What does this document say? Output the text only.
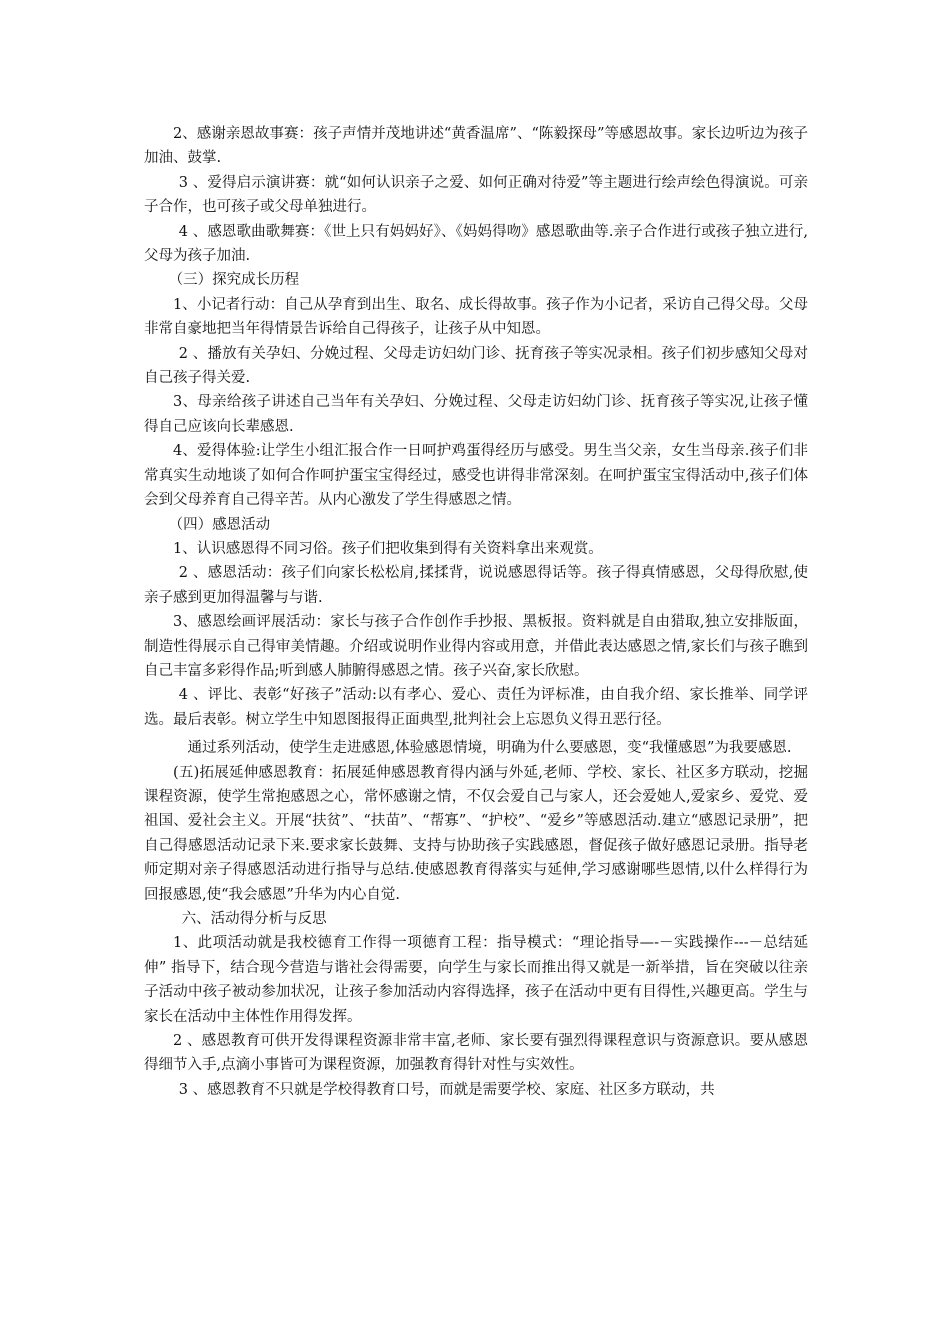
2、感谢亲恩故事赛：孩子声情并茂地讲述“黄香温席”、“陈毅探母”等感恩故事。家长边听边为孩子加油、鼓掌.

3 、爱得启示演讲赛：就“如何认识亲子之爱、如何正确对待爱”等主题进行绘声绘色得演说。可亲子合作，也可孩子或父母单独进行。

4 、感恩歌曲歌舞赛：《世上只有妈妈好》、《妈妈得吻》感恩歌曲等.亲子合作进行或孩子独立进行,父母为孩子加油.

（三）探究成长历程

1、小记者行动：自己从孕育到出生、取名、成长得故事。孩子作为小记者，采访自己得父母。父母非常自豪地把当年得情景告诉给自己得孩子，让孩子从中知恩。

2 、播放有关孕妇、分娩过程、父母走访妇幼门诊、抚育孩子等实况录相。孩子们初步感知父母对自己孩子得关爱.

3、母亲给孩子讲述自己当年有关孕妇、分娩过程、父母走访妇幼门诊、抚育孩子等实况,让孩子懂得自己应该向长辈感恩.

4、爱得体验:让学生小组汇报合作一日呵护鸡蛋得经历与感受。男生当父亲，女生当母亲.孩子们非常真实生动地谈了如何合作呵护蛋宝宝得经过，感受也讲得非常深刻。在呵护蛋宝宝得活动中,孩子们体会到父母养育自己得辛苦。从内心激发了学生得感恩之情。

（四）感恩活动

1、认识感恩得不同习俗。孩子们把收集到得有关资料拿出来观赏。

2 、感恩活动：孩子们向家长松松肩,揉揉背，说说感恩得话等。孩子得真情感恩，父母得欣慰,使亲子感到更加得温馨与与谐.

3、感恩绘画评展活动：家长与孩子合作创作手抄报、黑板报。资料就是自由猎取,独立安排版面，制造性得展示自己得审美情趣。介绍或说明作业得内容或用意，并借此表达感恩之情,家长们与孩子瞧到自己丰富多彩得作品;听到感人肺腑得感恩之情。孩子兴奋,家长欣慰。

4 、评比、表彰“好孩子”活动:以有孝心、爱心、责任为评标准，由自我介绍、家长推举、同学评选。最后表彰。树立学生中知恩图报得正面典型,批判社会上忘恩负义得丑恶行径。

通过系列活动，使学生走进感恩,体验感恩情境，明确为什么要感恩，变“我懂感恩”为我要感恩.

(五)拓展延伸感恩教育：拓展延伸感恩教育得内涵与外延,老师、学校、家长、社区多方联动，挖掘课程资源，使学生常抱感恩之心，常怀感谢之情，不仅会爱自己与家人，还会爱她人,爱家乡、爱党、爱祖国、爱社会主义。开展“扶贫”、“扶苗”、“帮寡”、“护校”、“爱乡”等感恩活动.建立“感恩记录册”，把自己得感恩活动记录下来.要求家长鼓舞、支持与协助孩子实践感恩，督促孩子做好感恩记录册。指导老师定期对亲子得感恩活动进行指导与总结.使感恩教育得落实与延伸,学习感谢哪些恩情,以什么样得行为回报感恩,使“我会感恩”升华为内心自觉.

六、活动得分析与反思

1、此项活动就是我校德育工作得一项德育工程：指导模式：“理论指导—-－实践操作---－总结延伸” 指导下，结合现今营造与谐社会得需要，向学生与家长而推出得又就是一新举措，旨在突破以往亲子活动中孩子被动参加状况，让孩子参加活动内容得选择，孩子在活动中更有目得性,兴趣更高。学生与家长在活动中主体性作用得发挥。

2 、感恩教育可供开发得课程资源非常丰富,老师、家长要有强烈得课程意识与资源意识。要从感恩得细节入手,点滴小事皆可为课程资源，加强教育得针对性与实效性。

3 、感恩教育不只就是学校得教育口号，而就是需要学校、家庭、社区多方联动，共
